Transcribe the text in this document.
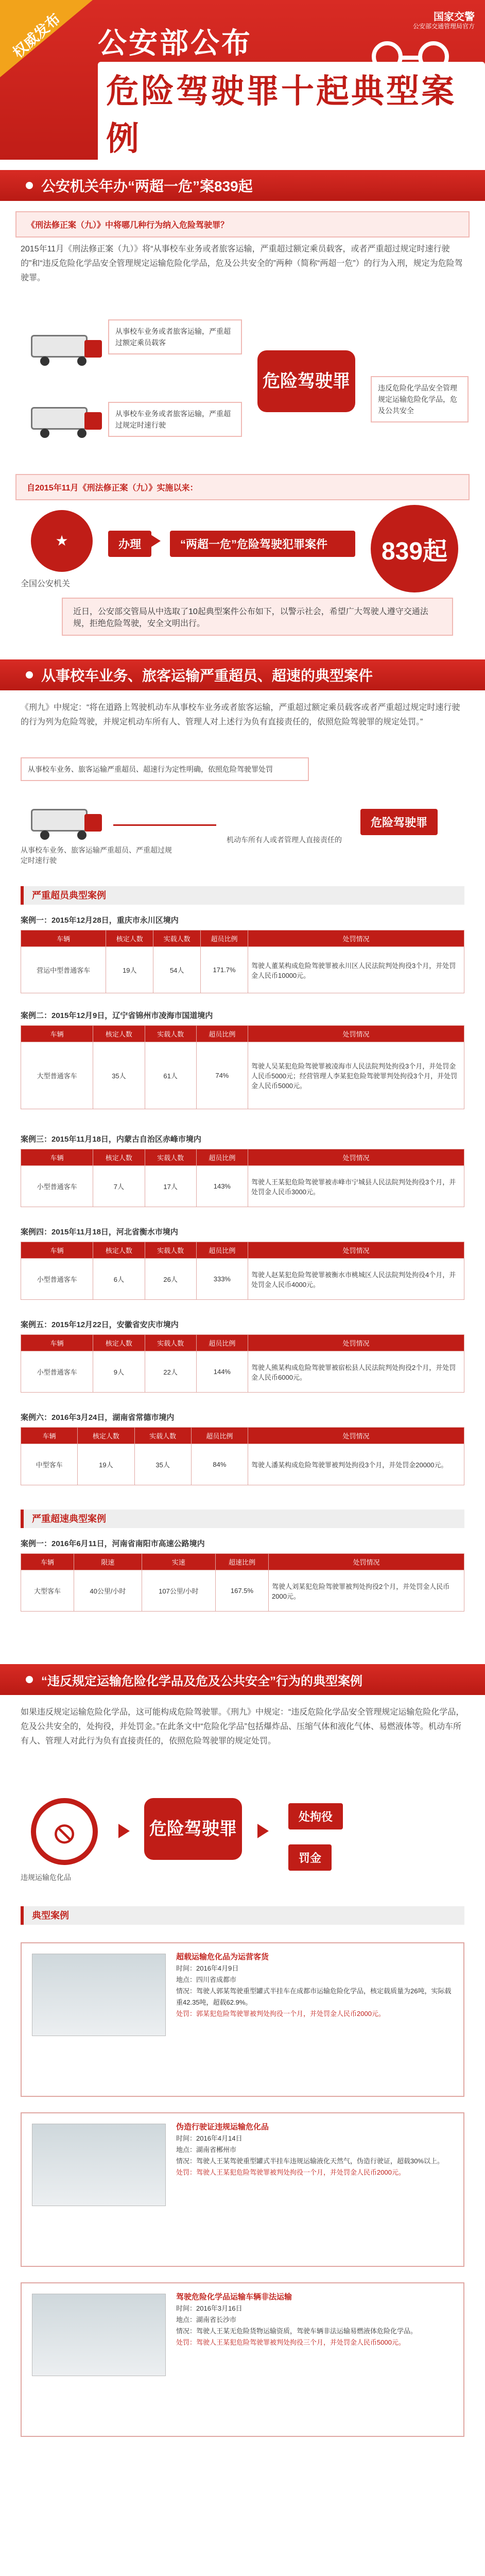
权威发布 公安部公布
危险驾驶罪十起典型案例
国家交警
公安部交通管理局官方
公安机关年办“两超一危”案839起
《刑法修正案（九）》中将哪几种行为纳入危险驾驶罪？
2015年11月《刑法修正案（九）》将“从事校车业务或者旅客运输，严重超过额定乘员载客，或者严重超过规定时速行驶的”和“违反危险化学品安全管理规定运输危险化学品，危及公共安全的”两种（简称“两超一危”）的行为入刑，规定为危险驾驶罪。
从事校车业务或者旅客运输，严重超过额定乘员载客
从事校车业务或者旅客运输，严重超过规定时速行驶
危险驾驶罪	违反危险化学品安全管理规定运输危险化学品，危及公共安全
自2015年11月《刑法修正案（九）》实施以来：
★
全国公安机关
办理	“两超一危”危险驾驶犯罪案件	839起
近日，公安部交管局从中选取了10起典型案件公布如下，以警示社会，希望广大驾驶人遵守交通法规，拒绝危险驾驶，安全文明出行。
从事校车业务、旅客运输严重超员、超速的典型案件
《刑九》中规定：“将在道路上驾驶机动车从事校车业务或者旅客运输，严重超过额定乘员载客或者严重超过规定时速行驶的行为列为危险驾驶，并规定机动车所有人、管理人对上述行为负有直接责任的，依照危险驾驶罪的规定处罚。”
从事校车业务、旅客运输严重超员、超速行为定性明确，依照危险驾驶罪处罚
从事校车业务、旅客运输严重超员、严重超过规定时速行驶
机动车所有人或者管理人直接责任的
危险驾驶罪
严重超员典型案例
案例一：2015年12月28日，重庆市永川区境内
车辆	核定人数	实载人数	超员比例	处罚情况
营运中型普通客车	19人	54人	171.7%	驾驶人董某构成危险驾驶罪被永川区人民法院判处拘役3个月，并处罚金人民币10000元。
案例二：2015年12月9日，辽宁省锦州市凌海市国道境内
车辆	核定人数	实载人数	超员比例	处罚情况
大型普通客车	35人	61人	74%	驾驶人吴某犯危险驾驶罪被凌海市人民法院判处拘役3个月，并处罚金人民币5000元；经营管理人李某犯危险驾驶罪判处拘役3个月，并处罚金人民币5000元。
案例三：2015年11月18日，内蒙古自治区赤峰市境内
车辆	核定人数	实载人数	超员比例	处罚情况
小型普通客车	7人	17人	143%	驾驶人王某犯危险驾驶罪被赤峰市宁城县人民法院判处拘役3个月，并处罚金人民币3000元。
案例四：2015年11月18日，河北省衡水市境内
车辆	核定人数	实载人数	超员比例	处罚情况
小型普通客车	6人	26人	333%	驾驶人赵某犯危险驾驶罪被衡水市桃城区人民法院判处拘役4个月，并处罚金人民币4000元。
案例五：2015年12月22日，安徽省安庆市境内
车辆	核定人数	实载人数	超员比例	处罚情况
小型普通客车	9人	22人	144%	驾驶人熊某构成危险驾驶罪被宿松县人民法院判处拘役2个月，并处罚金人民币6000元。
案例六：2016年3月24日，湖南省常德市境内
车辆	核定人数	实载人数	超员比例	处罚情况
中型客车	19人	35人	84%	驾驶人潘某构成危险驾驶罪被判处拘役3个月，并处罚金20000元。
严重超速典型案例
案例一：2016年6月11日，河南省南阳市高速公路境内
车辆	限速	实速	超速比例	处罚情况
大型客车	40公里/小时	107公里/小时	167.5%	驾驶人刘某犯危险驾驶罪被判处拘役2个月，并处罚金人民币2000元。
“违反规定运输危险化学品及危及公共安全”行为的典型案例
如果违反规定运输危险化学品，这可能构成危险驾驶罪。《刑九》中规定：“违反危险化学品安全管理规定运输危险化学品，危及公共安全的，处拘役，并处罚金。”在此条文中“危险化学品”包括爆炸品、压缩气体和液化气体、易燃液体等。机动车所有人、管理人对此行为负有直接责任的，依照危险驾驶罪的规定处罚。
⦸
违规运输危化品
危险驾驶罪
处拘役
罚金
典型案例
超载运输危化品为运营客货
时间：2016年4月9日
地点：四川省成都市
情况：驾驶人郭某驾驶重型罐式半挂车在成都市运输危险化学品，核定载质量为26吨，实际载重42.35吨，超载62.9%。
处罚：郭某犯危险驾驶罪被判处拘役一个月，并处罚金人民币2000元。
伪造行驶证违规运输危化品
时间：2016年4月14日
地点：湖南省郴州市
情况：驾驶人王某驾驶重型罐式半挂车违规运输液化天然气，伪造行驶证，超载30%以上。
处罚：驾驶人王某犯危险驾驶罪被判处拘役一个月，并处罚金人民币2000元。
驾驶危险化学品运输车辆非法运输
时间：2016年3月16日
地点：湖南省长沙市
情况：驾驶人王某无危险货物运输资质，驾驶车辆非法运输易燃液体危险化学品。
处罚：驾驶人王某犯危险驾驶罪被判处拘役三个月，并处罚金人民币5000元。
